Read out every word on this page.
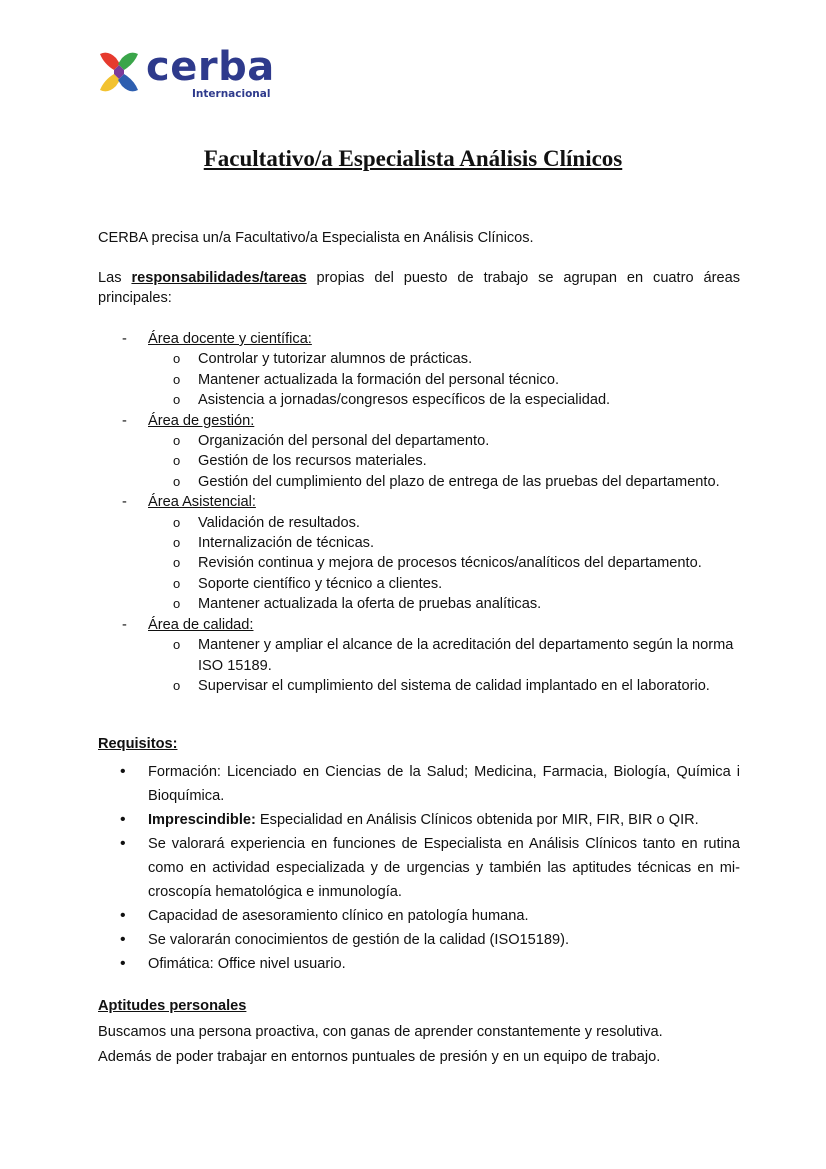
cerba
Internacional
Facultativo/a Especialista Análisis Clínicos
CERBA precisa un/a Facultativo/a Especialista en Análisis Clínicos.
Las responsabilidades/tareas propias del puesto de trabajo se agrupan en cuatro áreas principales:
- Área docente y científica:
o Controlar y tutorizar alumnos de prácticas.
o Mantener actualizada la formación del personal técnico.
o Asistencia a jornadas/congresos específicos de la especialidad.
- Área de gestión:
o Organización del personal del departamento.
o Gestión de los recursos materiales.
o Gestión del cumplimiento del plazo de entrega de las pruebas del departamento.
- Área Asistencial:
o Validación de resultados.
o Internalización de técnicas.
o Revisión continua y mejora de procesos técnicos/analíticos del departamento.
o Soporte científico y técnico a clientes.
o Mantener actualizada la oferta de pruebas analíticas.
- Área de calidad:
o Mantener y ampliar el alcance de la acreditación del departamento según la norma ISO 15189.
o Supervisar el cumplimiento del sistema de calidad implantado en el laboratorio.
Requisitos:
• Formación: Licenciado en Ciencias de la Salud; Medicina, Farmacia, Biología, Química i Bioquímica.
• Imprescindible: Especialidad en Análisis Clínicos obtenida por MIR, FIR, BIR o QIR.
• Se valorará experiencia en funciones de Especialista en Análisis Clínicos tanto en rutina como en actividad especializada y de urgencias y también las aptitudes técnicas en mi-croscopía hematológica e inmunología.
• Capacidad de asesoramiento clínico en patología humana.
• Se valorarán conocimientos de gestión de la calidad (ISO15189).
• Ofimática: Office nivel usuario.
Aptitudes personales
Buscamos una persona proactiva, con ganas de aprender constantemente y resolutiva.
Además de poder trabajar en entornos puntuales de presión y en un equipo de trabajo.
